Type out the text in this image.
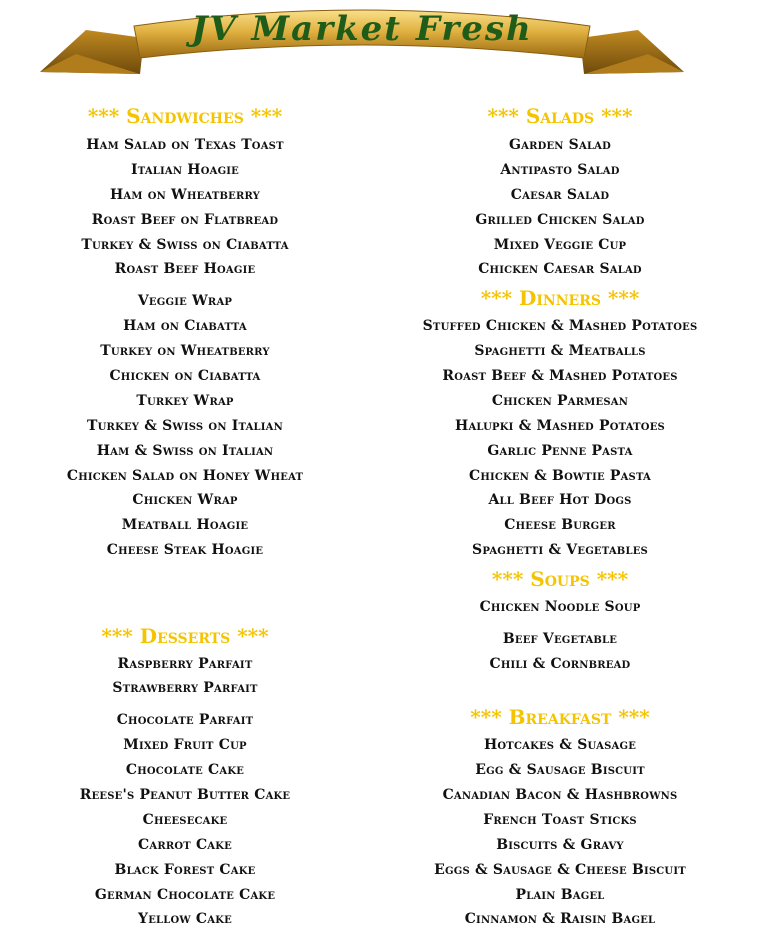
JV Market Fresh
*** Sandwiches ***
Ham Salad on Texas Toast
Italian Hoagie
Ham on Wheatberry
Roast Beef on Flatbread
Turkey & Swiss on Ciabatta
Roast Beef Hoagie
Veggie Wrap
Ham on Ciabatta
Turkey on Wheatberry
Chicken on Ciabatta
Turkey Wrap
Turkey & Swiss on Italian
Ham & Swiss on Italian
Chicken Salad on Honey Wheat
Chicken Wrap
Meatball Hoagie
Cheese Steak Hoagie
*** Desserts ***
Raspberry Parfait
Strawberry Parfait
Chocolate Parfait
Mixed Fruit Cup
Chocolate Cake
Reese's Peanut Butter Cake
Cheesecake
Carrot Cake
Black Forest Cake
German Chocolate Cake
Yellow Cake
*** Salads ***
Garden Salad
Antipasto Salad
Caesar Salad
Grilled Chicken Salad
Mixed Veggie Cup
Chicken Caesar Salad
*** Dinners ***
Stuffed Chicken & Mashed Potatoes
Spaghetti & Meatballs
Roast Beef & Mashed Potatoes
Chicken Parmesan
Halupki & Mashed Potatoes
Garlic Penne Pasta
Chicken & Bowtie Pasta
All Beef Hot Dogs
Cheese Burger
Spaghetti & Vegetables
*** Soups ***
Chicken Noodle Soup
Beef Vegetable
Chili & Cornbread
*** Breakfast ***
Hotcakes & Suasage
Egg & Sausage Biscuit
Canadian Bacon & Hashbrowns
French Toast Sticks
Biscuits & Gravy
Eggs & Sausage & Cheese Biscuit
Plain Bagel
Cinnamon & Raisin Bagel
